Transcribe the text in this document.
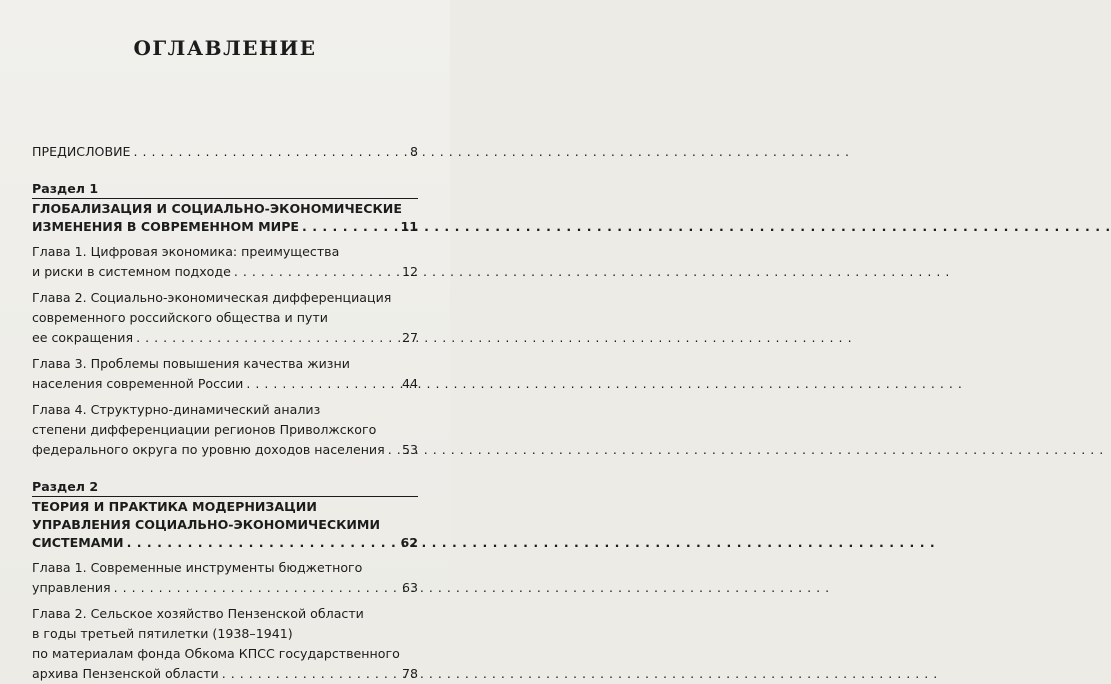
ОГЛАВЛЕНИЕ
ПРЕДИСЛОВИЕ . . .	8
Раздел 1
ГЛОБАЛИЗАЦИЯ И СОЦИАЛЬНО-ЭКОНОМИЧЕСКИЕ
ИЗМЕНЕНИЯ В СОВРЕМЕННОМ МИРЕ . . .	11
Глава 1. Цифровая экономика: преимущества
и риски в системном подходе . . .	12
Глава 2. Социально-экономическая дифференциация
современного российского общества и пути
ее сокращения . . .	27
Глава 3. Проблемы повышения качества жизни
населения современной России . . .	44
Глава 4. Структурно-динамический анализ
степени дифференциации регионов Приволжского
федерального округа по уровню доходов населения . . . 53
Раздел 2
ТЕОРИЯ И ПРАКТИКА МОДЕРНИЗАЦИИ
УПРАВЛЕНИЯ СОЦИАЛЬНО-ЭКОНОМИЧЕСКИМИ
СИСТЕМАМИ . . .	62
Глава 1. Современные инструменты бюджетного
управления . . .	63
Глава 2. Сельское хозяйство Пензенской области
в годы третьей пятилетки (1938–1941)
по материалам фонда Обкома КПСС государственного
архива Пензенской области . . .	78
